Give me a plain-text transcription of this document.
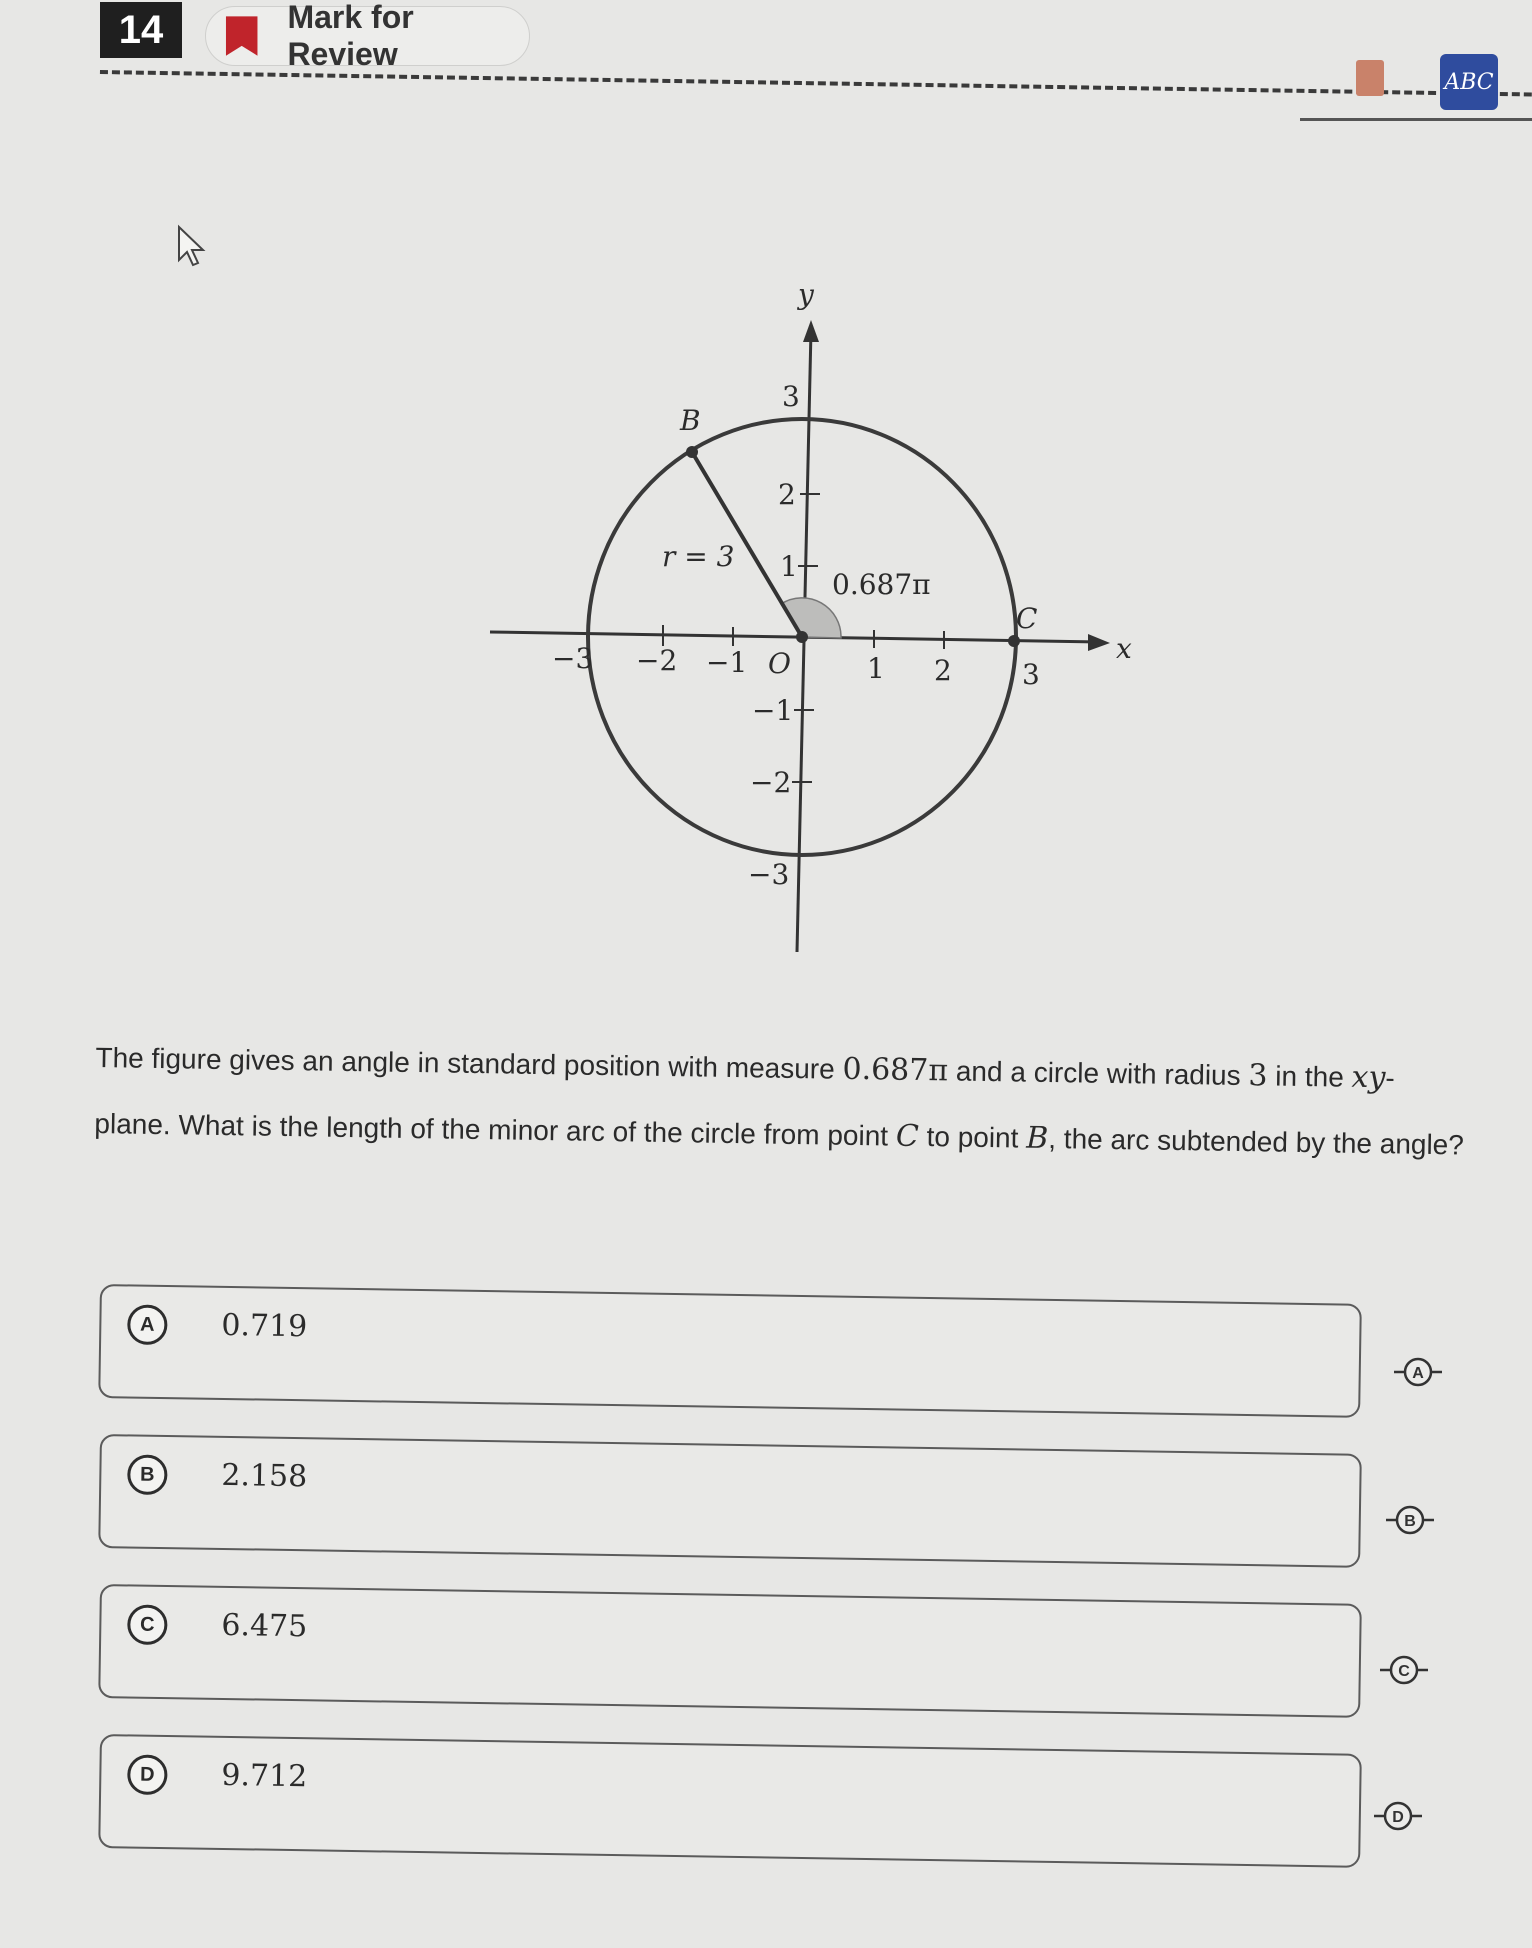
14	Mark for Review
ABC
y
x
−3 −2 −1 O	1 2	3
3
2
1
−1
−2
−3
B
C
r = 3
0.687π
The figure gives an angle in standard position with measure 0.687π and a circle with radius 3 in the xy-plane. What is the length of the minor arc of the circle from point C to point B, the arc subtended by the angle?
A	0.719
B	2.158
C	6.475
D	9.712
A
B
C
D
